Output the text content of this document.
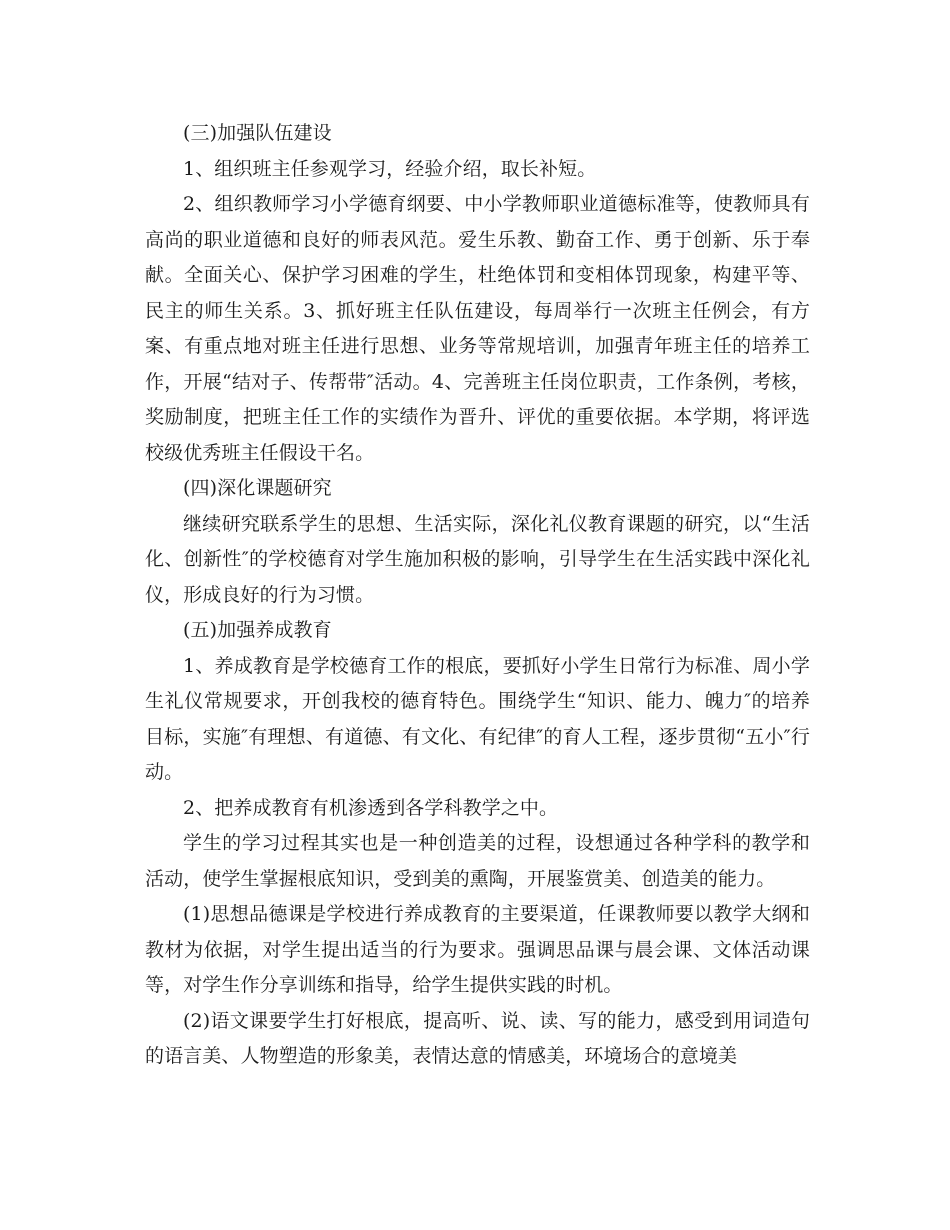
(三)加强队伍建设

1、组织班主任参观学习，经验介绍，取长补短。

2、组织教师学习小学德育纲要、中小学教师职业道德标准等，使教师具有高尚的职业道德和良好的师表风范。爱生乐教、勤奋工作、勇于创新、乐于奉献。全面关心、保护学习困难的学生，杜绝体罚和变相体罚现象，构建平等、民主的师生关系。3、抓好班主任队伍建设，每周举行一次班主任例会，有方案、有重点地对班主任进行思想、业务等常规培训，加强青年班主任的培养工作，开展“结对子、传帮带″活动。4、完善班主任岗位职责，工作条例，考核，奖励制度，把班主任工作的实绩作为晋升、评优的重要依据。本学期，将评选校级优秀班主任假设干名。

(四)深化课题研究

继续研究联系学生的思想、生活实际，深化礼仪教育课题的研究，以“生活化、创新性″的学校德育对学生施加积极的影响，引导学生在生活实践中深化礼仪，形成良好的行为习惯。

(五)加强养成教育

1、养成教育是学校德育工作的根底，要抓好小学生日常行为标准、周小学生礼仪常规要求，开创我校的德育特色。围绕学生“知识、能力、魄力″的培养目标，实施″有理想、有道德、有文化、有纪律″的育人工程，逐步贯彻“五小″行动。

2、把养成教育有机渗透到各学科教学之中。

学生的学习过程其实也是一种创造美的过程，设想通过各种学科的教学和活动，使学生掌握根底知识，受到美的熏陶，开展鉴赏美、创造美的能力。

(1)思想品德课是学校进行养成教育的主要渠道，任课教师要以教学大纲和教材为依据，对学生提出适当的行为要求。强调思品课与晨会课、文体活动课等，对学生作分享训练和指导，给学生提供实践的时机。

(2)语文课要学生打好根底，提高听、说、读、写的能力，感受到用词造句的语言美、人物塑造的形象美，表情达意的情感美，环境场合的意境美
